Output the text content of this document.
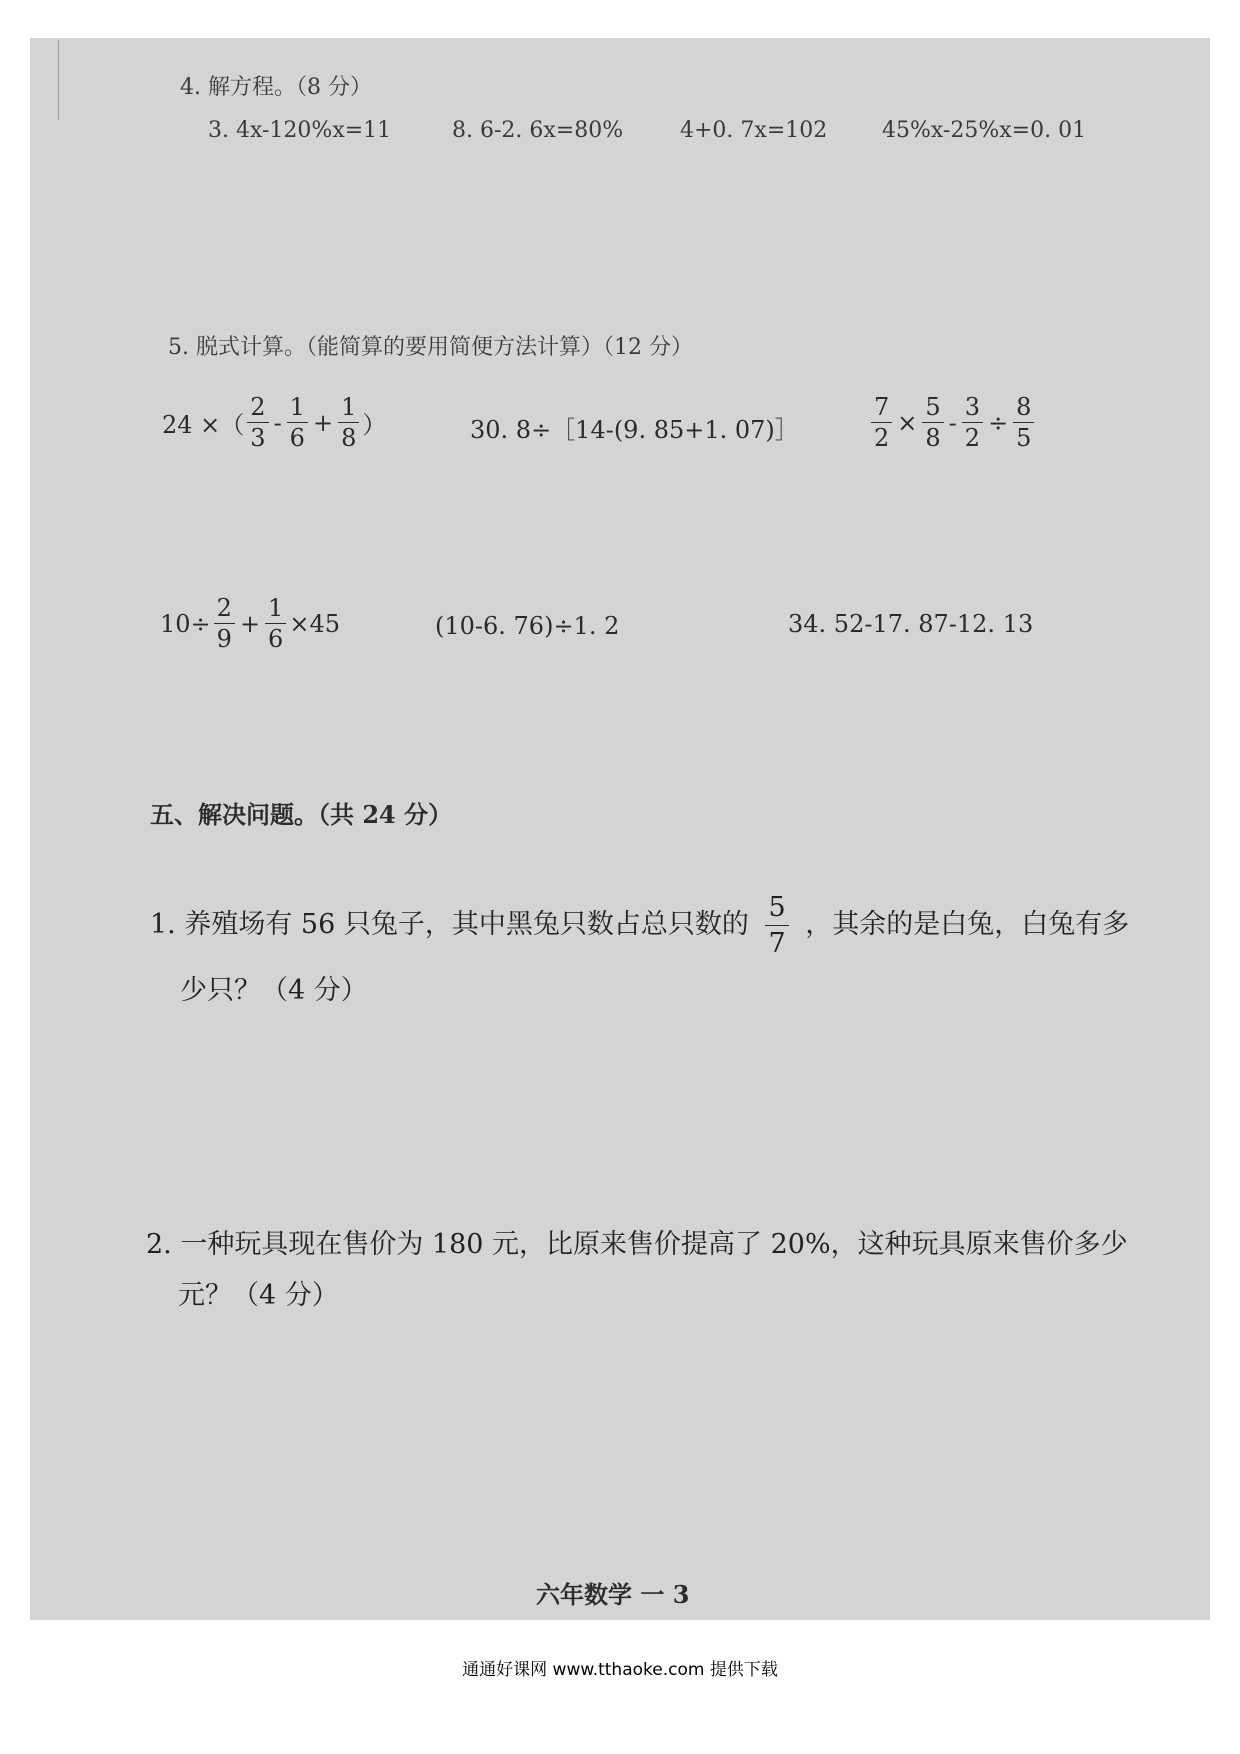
4. 解方程。（8 分）
3. 4x-120%x=11	8. 6-2. 6x=80%	4+0. 7x=102 45%x-25%x=0. 01
5. 脱式计算。（能简算的要用简便方法计算）（12 分）
24 ×（ $\frac{2}{3} - \frac{1}{6} + \frac{1}{8}$ ）	30. 8÷［14-(9. 85+1. 07)］	$\frac{7}{2} \times \frac{5}{8} - \frac{3}{2} \div \frac{8}{5}$
$10\div \frac{2}{9} + \frac{1}{6} \times 45$	(10-6. 76)÷1. 2	34. 52-17. 87-12. 13
五、解决问题。（共 24 分）
1. 养殖场有 56 只兔子，其中黑兔只数占总只数的 $\frac{5}{7}$ ，其余的是白兔，白兔有多
少只？（4 分）
2. 一种玩具现在售价为 180 元，比原来售价提高了 20%，这种玩具原来售价多少
元？（4 分）
六年数学 一 3
通通好课网 www.tthaoke.com 提供下载
